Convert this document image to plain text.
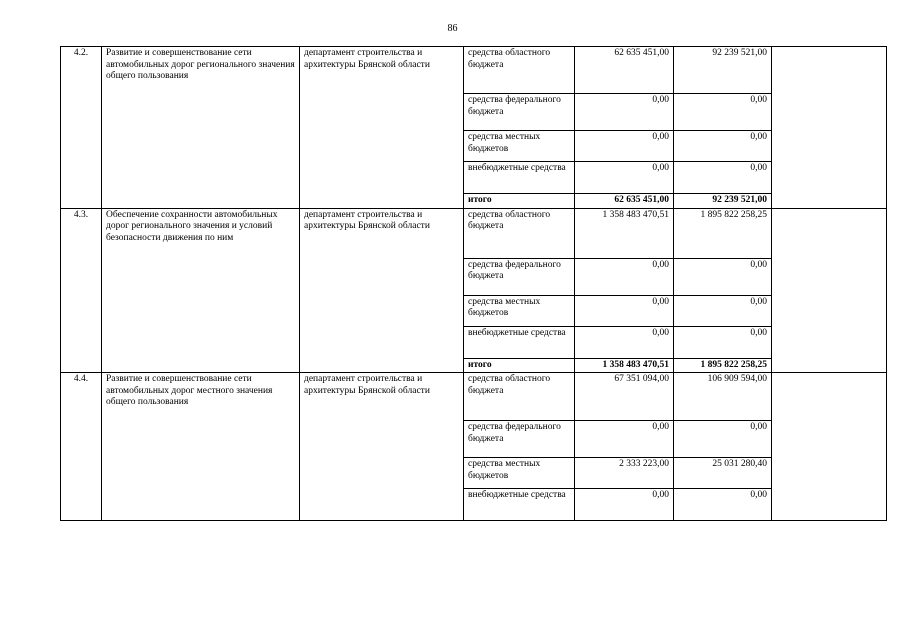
86
4.2.	Развитие и совершенствование сети автомобильных дорог регионального значения общего пользования	департамент строительства и архитектуры Брянской области	средства областного бюджета	62 635 451,00	92 239 521,00	
			средства федерального бюджета	0,00	0,00	
			средства местных бюджетов	0,00	0,00	
			внебюджетные средства	0,00	0,00	
			итого	62 635 451,00	92 239 521,00	
4.3.	Обеспечение сохранности автомобильных дорог регионального значения и условий безопасности движения по ним	департамент строительства и архитектуры Брянской области	средства областного бюджета	1 358 483 470,51	1 895 822 258,25	
			средства федерального бюджета	0,00	0,00	
			средства местных бюджетов	0,00	0,00	
			внебюджетные средства	0,00	0,00	
			итого	1 358 483 470,51	1 895 822 258,25	
4.4.	Развитие и совершенствование сети автомобильных дорог местного значения общего пользования	департамент строительства и архитектуры Брянской области	средства областного бюджета	67 351 094,00	106 909 594,00	
			средства федерального бюджета	0,00	0,00	
			средства местных бюджетов	2 333 223,00	25 031 280,40	
			внебюджетные средства	0,00	0,00	
